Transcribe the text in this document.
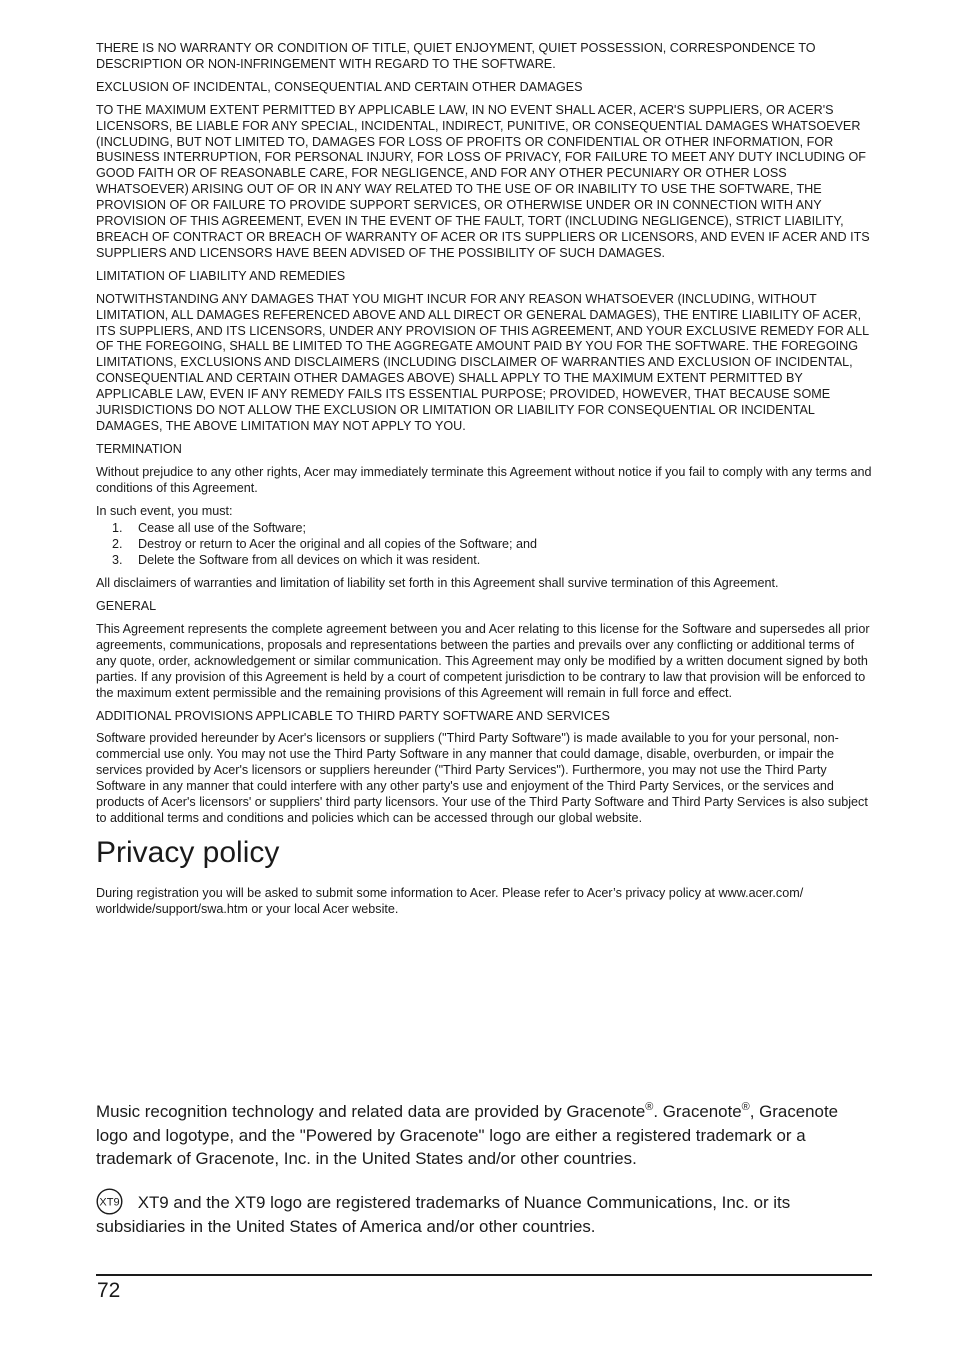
THERE IS NO WARRANTY OR CONDITION OF TITLE, QUIET ENJOYMENT, QUIET POSSESSION, CORRESPONDENCE TO DESCRIPTION OR NON-INFRINGEMENT WITH REGARD TO THE SOFTWARE.

EXCLUSION OF INCIDENTAL, CONSEQUENTIAL AND CERTAIN OTHER DAMAGES

TO THE MAXIMUM EXTENT PERMITTED BY APPLICABLE LAW, IN NO EVENT SHALL ACER, ACER'S SUPPLIERS, OR ACER'S LICENSORS, BE LIABLE FOR ANY SPECIAL, INCIDENTAL, INDIRECT, PUNITIVE, OR CONSEQUENTIAL DAMAGES WHATSOEVER (INCLUDING, BUT NOT LIMITED TO, DAMAGES FOR LOSS OF PROFITS OR CONFIDENTIAL OR OTHER INFORMATION, FOR BUSINESS INTERRUPTION, FOR PERSONAL INJURY, FOR LOSS OF PRIVACY, FOR FAILURE TO MEET ANY DUTY INCLUDING OF GOOD FAITH OR OF REASONABLE CARE, FOR NEGLIGENCE, AND FOR ANY OTHER PECUNIARY OR OTHER LOSS WHATSOEVER) ARISING OUT OF OR IN ANY WAY RELATED TO THE USE OF OR INABILITY TO USE THE SOFTWARE, THE PROVISION OF OR FAILURE TO PROVIDE SUPPORT SERVICES, OR OTHERWISE UNDER OR IN CONNECTION WITH ANY PROVISION OF THIS AGREEMENT, EVEN IN THE EVENT OF THE FAULT, TORT (INCLUDING NEGLIGENCE), STRICT LIABILITY, BREACH OF CONTRACT OR BREACH OF WARRANTY OF ACER OR ITS SUPPLIERS OR LICENSORS, AND EVEN IF ACER AND ITS SUPPLIERS AND LICENSORS HAVE BEEN ADVISED OF THE POSSIBILITY OF SUCH DAMAGES.

LIMITATION OF LIABILITY AND REMEDIES

NOTWITHSTANDING ANY DAMAGES THAT YOU MIGHT INCUR FOR ANY REASON WHATSOEVER (INCLUDING, WITHOUT LIMITATION, ALL DAMAGES REFERENCED ABOVE AND ALL DIRECT OR GENERAL DAMAGES), THE ENTIRE LIABILITY OF ACER, ITS SUPPLIERS, AND ITS LICENSORS, UNDER ANY PROVISION OF THIS AGREEMENT, AND YOUR EXCLUSIVE REMEDY FOR ALL OF THE FOREGOING, SHALL BE LIMITED TO THE AGGREGATE AMOUNT PAID BY YOU FOR THE SOFTWARE. THE FOREGOING LIMITATIONS, EXCLUSIONS AND DISCLAIMERS (INCLUDING DISCLAIMER OF WARRANTIES AND EXCLUSION OF INCIDENTAL, CONSEQUENTIAL AND CERTAIN OTHER DAMAGES ABOVE) SHALL APPLY TO THE MAXIMUM EXTENT PERMITTED BY APPLICABLE LAW, EVEN IF ANY REMEDY FAILS ITS ESSENTIAL PURPOSE; PROVIDED, HOWEVER, THAT BECAUSE SOME JURISDICTIONS DO NOT ALLOW THE EXCLUSION OR LIMITATION OR LIABILITY FOR CONSEQUENTIAL OR INCIDENTAL DAMAGES, THE ABOVE LIMITATION MAY NOT APPLY TO YOU.

TERMINATION

Without prejudice to any other rights, Acer may immediately terminate this Agreement without notice if you fail to comply with any terms and conditions of this Agreement.

In such event, you must:

1. Cease all use of the Software;
2. Destroy or return to Acer the original and all copies of the Software; and
3. Delete the Software from all devices on which it was resident.

All disclaimers of warranties and limitation of liability set forth in this Agreement shall survive termination of this Agreement.

GENERAL

This Agreement represents the complete agreement between you and Acer relating to this license for the Software and supersedes all prior agreements, communications, proposals and representations between the parties and prevails over any conflicting or additional terms of any quote, order, acknowledgement or similar communication. This Agreement may only be modified by a written document signed by both parties. If any provision of this Agreement is held by a court of competent jurisdiction to be contrary to law that provision will be enforced to the maximum extent permissible and the remaining provisions of this Agreement will remain in full force and effect.

ADDITIONAL PROVISIONS APPLICABLE TO THIRD PARTY SOFTWARE AND SERVICES

Software provided hereunder by Acer's licensors or suppliers ("Third Party Software") is made available to you for your personal, non-commercial use only. You may not use the Third Party Software in any manner that could damage, disable, overburden, or impair the services provided by Acer's licensors or suppliers hereunder ("Third Party Services"). Furthermore, you may not use the Third Party Software in any manner that could interfere with any other party's use and enjoyment of the Third Party Services, or the services and products of Acer's licensors' or suppliers' third party licensors. Your use of the Third Party Software and Third Party Services is also subject to additional terms and conditions and policies which can be accessed through our global website.

Privacy policy

During registration you will be asked to submit some information to Acer. Please refer to Acer’s privacy policy at www.acer.com/ worldwide/support/swa.htm or your local Acer website.

Music recognition technology and related data are provided by Gracenote®. Gracenote®, Gracenote logo and logotype, and the "Powered by Gracenote" logo are either a registered trademark or a trademark of Gracenote, Inc. in the United States and/or other countries.

XT9 XT9 and the XT9 logo are registered trademarks of Nuance Communications, Inc. or its subsidiaries in the United States of America and/or other countries.

72
